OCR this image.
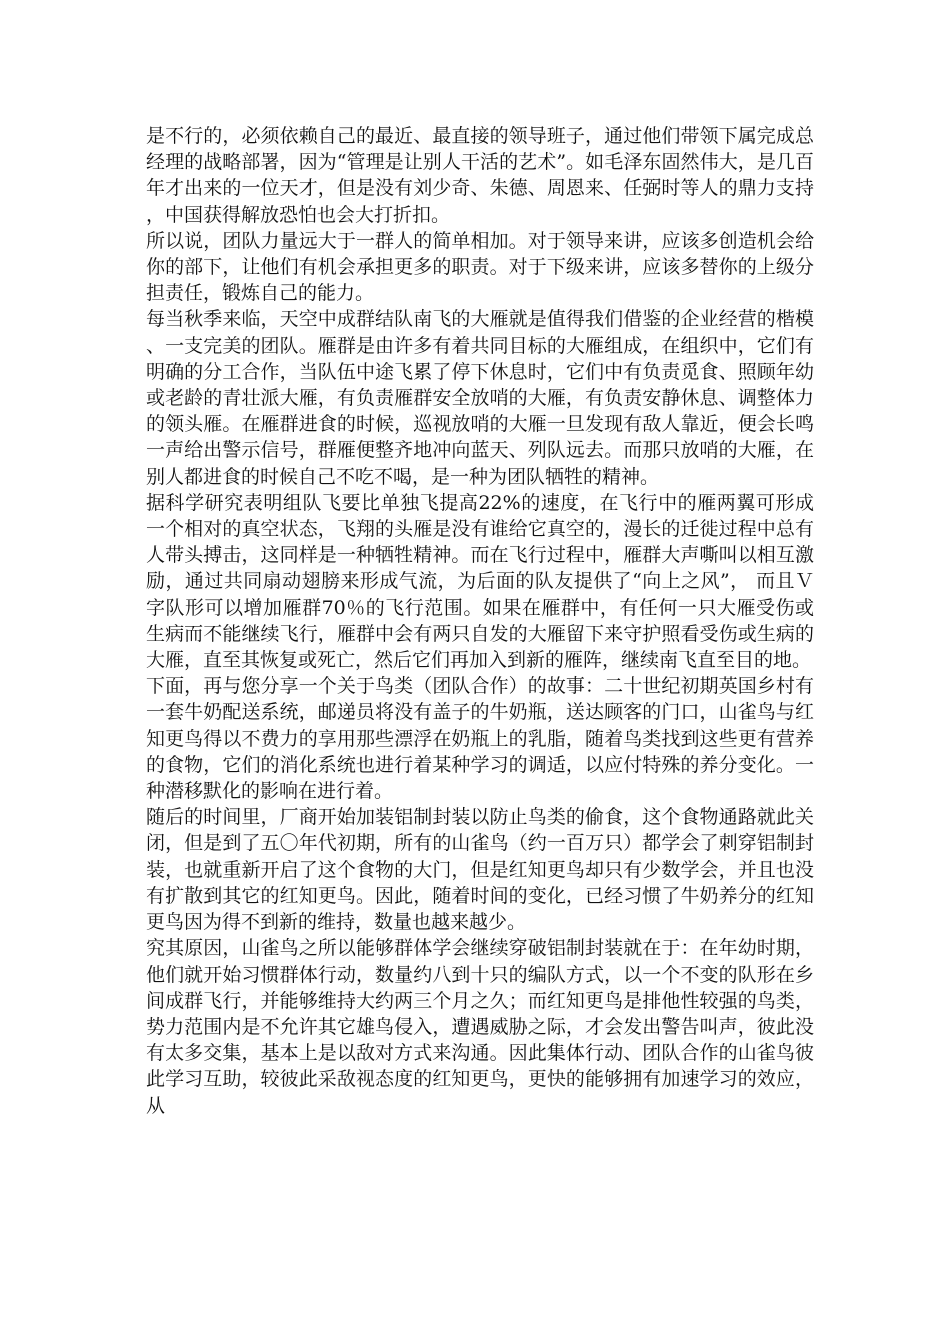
是不行的，必须依赖自己的最近、最直接的领导班子，通过他们带领下属完成总经理的战略部署，因为“管理是让别人干活的艺术”。如毛泽东固然伟大，是几百年才出来的一位天才，但是没有刘少奇、朱德、周恩来、任弼时等人的鼎力支持，中国获得解放恐怕也会大打折扣。

所以说，团队力量远大于一群人的简单相加。对于领导来讲，应该多创造机会给你的部下，让他们有机会承担更多的职责。对于下级来讲，应该多替你的上级分担责任，锻炼自己的能力。

每当秋季来临，天空中成群结队南飞的大雁就是值得我们借鉴的企业经营的楷模、一支完美的团队。雁群是由许多有着共同目标的大雁组成，在组织中，它们有明确的分工合作，当队伍中途飞累了停下休息时，它们中有负责觅食、照顾年幼或老龄的青壮派大雁，有负责雁群安全放哨的大雁，有负责安静休息、调整体力的领头雁。在雁群进食的时候，巡视放哨的大雁一旦发现有敌人靠近，便会长鸣一声给出警示信号，群雁便整齐地冲向蓝天、列队远去。而那只放哨的大雁，在别人都进食的时候自己不吃不喝，是一种为团队牺牲的精神。

据科学研究表明组队飞要比单独飞提高22%的速度，在飞行中的雁两翼可形成一个相对的真空状态，飞翔的头雁是没有谁给它真空的，漫长的迁徙过程中总有人带头搏击，这同样是一种牺牲精神。而在飞行过程中，雁群大声嘶叫以相互激励，通过共同扇动翅膀来形成气流，为后面的队友提供了“向上之风”， 而且Ｖ字队形可以增加雁群70％的飞行范围。如果在雁群中，有任何一只大雁受伤或生病而不能继续飞行，雁群中会有两只自发的大雁留下来守护照看受伤或生病的大雁，直至其恢复或死亡，然后它们再加入到新的雁阵，继续南飞直至目的地。

下面，再与您分享一个关于鸟类（团队合作）的故事：二十世纪初期英国乡村有一套牛奶配送系统，邮递员将没有盖子的牛奶瓶，送达顾客的门口，山雀鸟与红知更鸟得以不费力的享用那些漂浮在奶瓶上的乳脂，随着鸟类找到这些更有营养的食物，它们的消化系统也进行着某种学习的调适，以应付特殊的养分变化。一种潜移默化的影响在进行着。

随后的时间里，厂商开始加装铝制封装以防止鸟类的偷食，这个食物通路就此关闭，但是到了五〇年代初期，所有的山雀鸟（约一百万只）都学会了刺穿铝制封装，也就重新开启了这个食物的大门，但是红知更鸟却只有少数学会，并且也没有扩散到其它的红知更鸟。因此，随着时间的变化，已经习惯了牛奶养分的红知更鸟因为得不到新的维持，数量也越来越少。

究其原因，山雀鸟之所以能够群体学会继续穿破铝制封装就在于：在年幼时期，他们就开始习惯群体行动，数量约八到十只的编队方式，以一个不变的队形在乡间成群飞行，并能够维持大约两三个月之久；而红知更鸟是排他性较强的鸟类，势力范围内是不允许其它雄鸟侵入，遭遇威胁之际，才会发出警告叫声，彼此没有太多交集，基本上是以敌对方式来沟通。因此集体行动、团队合作的山雀鸟彼此学习互助，较彼此采敌视态度的红知更鸟，更快的能够拥有加速学习的效应，从
